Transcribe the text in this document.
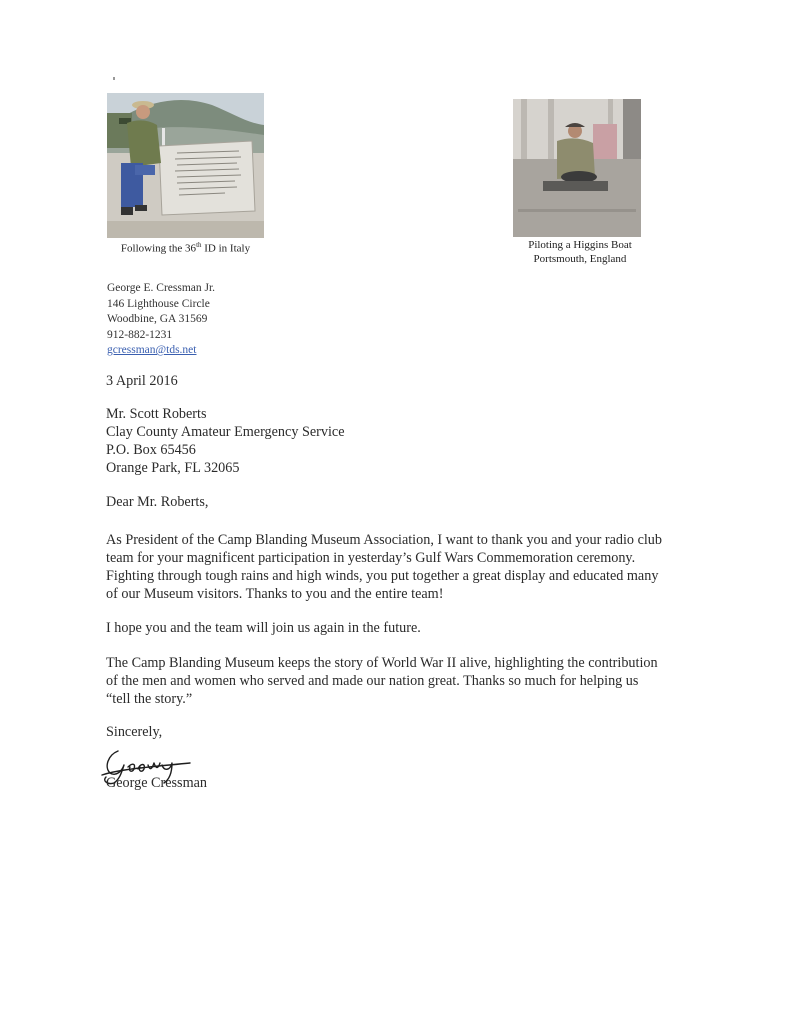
Following the 36th ID in Italy	Piloting a Higgins Boat
Portsmouth, England
George E. Cressman Jr.
146 Lighthouse Circle
Woodbine, GA 31569
912-882-1231
gcressman@tds.net
3 April 2016
Mr. Scott Roberts
Clay County Amateur Emergency Service
P.O. Box 65456
Orange Park, FL 32065
Dear Mr. Roberts,
As President of the Camp Blanding Museum Association, I want to thank you and your radio club team for your magnificent participation in yesterday’s Gulf Wars Commemoration ceremony. Fighting through tough rains and high winds, you put together a great display and educated many of our Museum visitors. Thanks to you and the entire team!
I hope you and the team will join us again in the future.
The Camp Blanding Museum keeps the story of World War II alive, highlighting the contribution of the men and women who served and made our nation great. Thanks so much for helping us “tell the story.”
Sincerely,
George Cressman
